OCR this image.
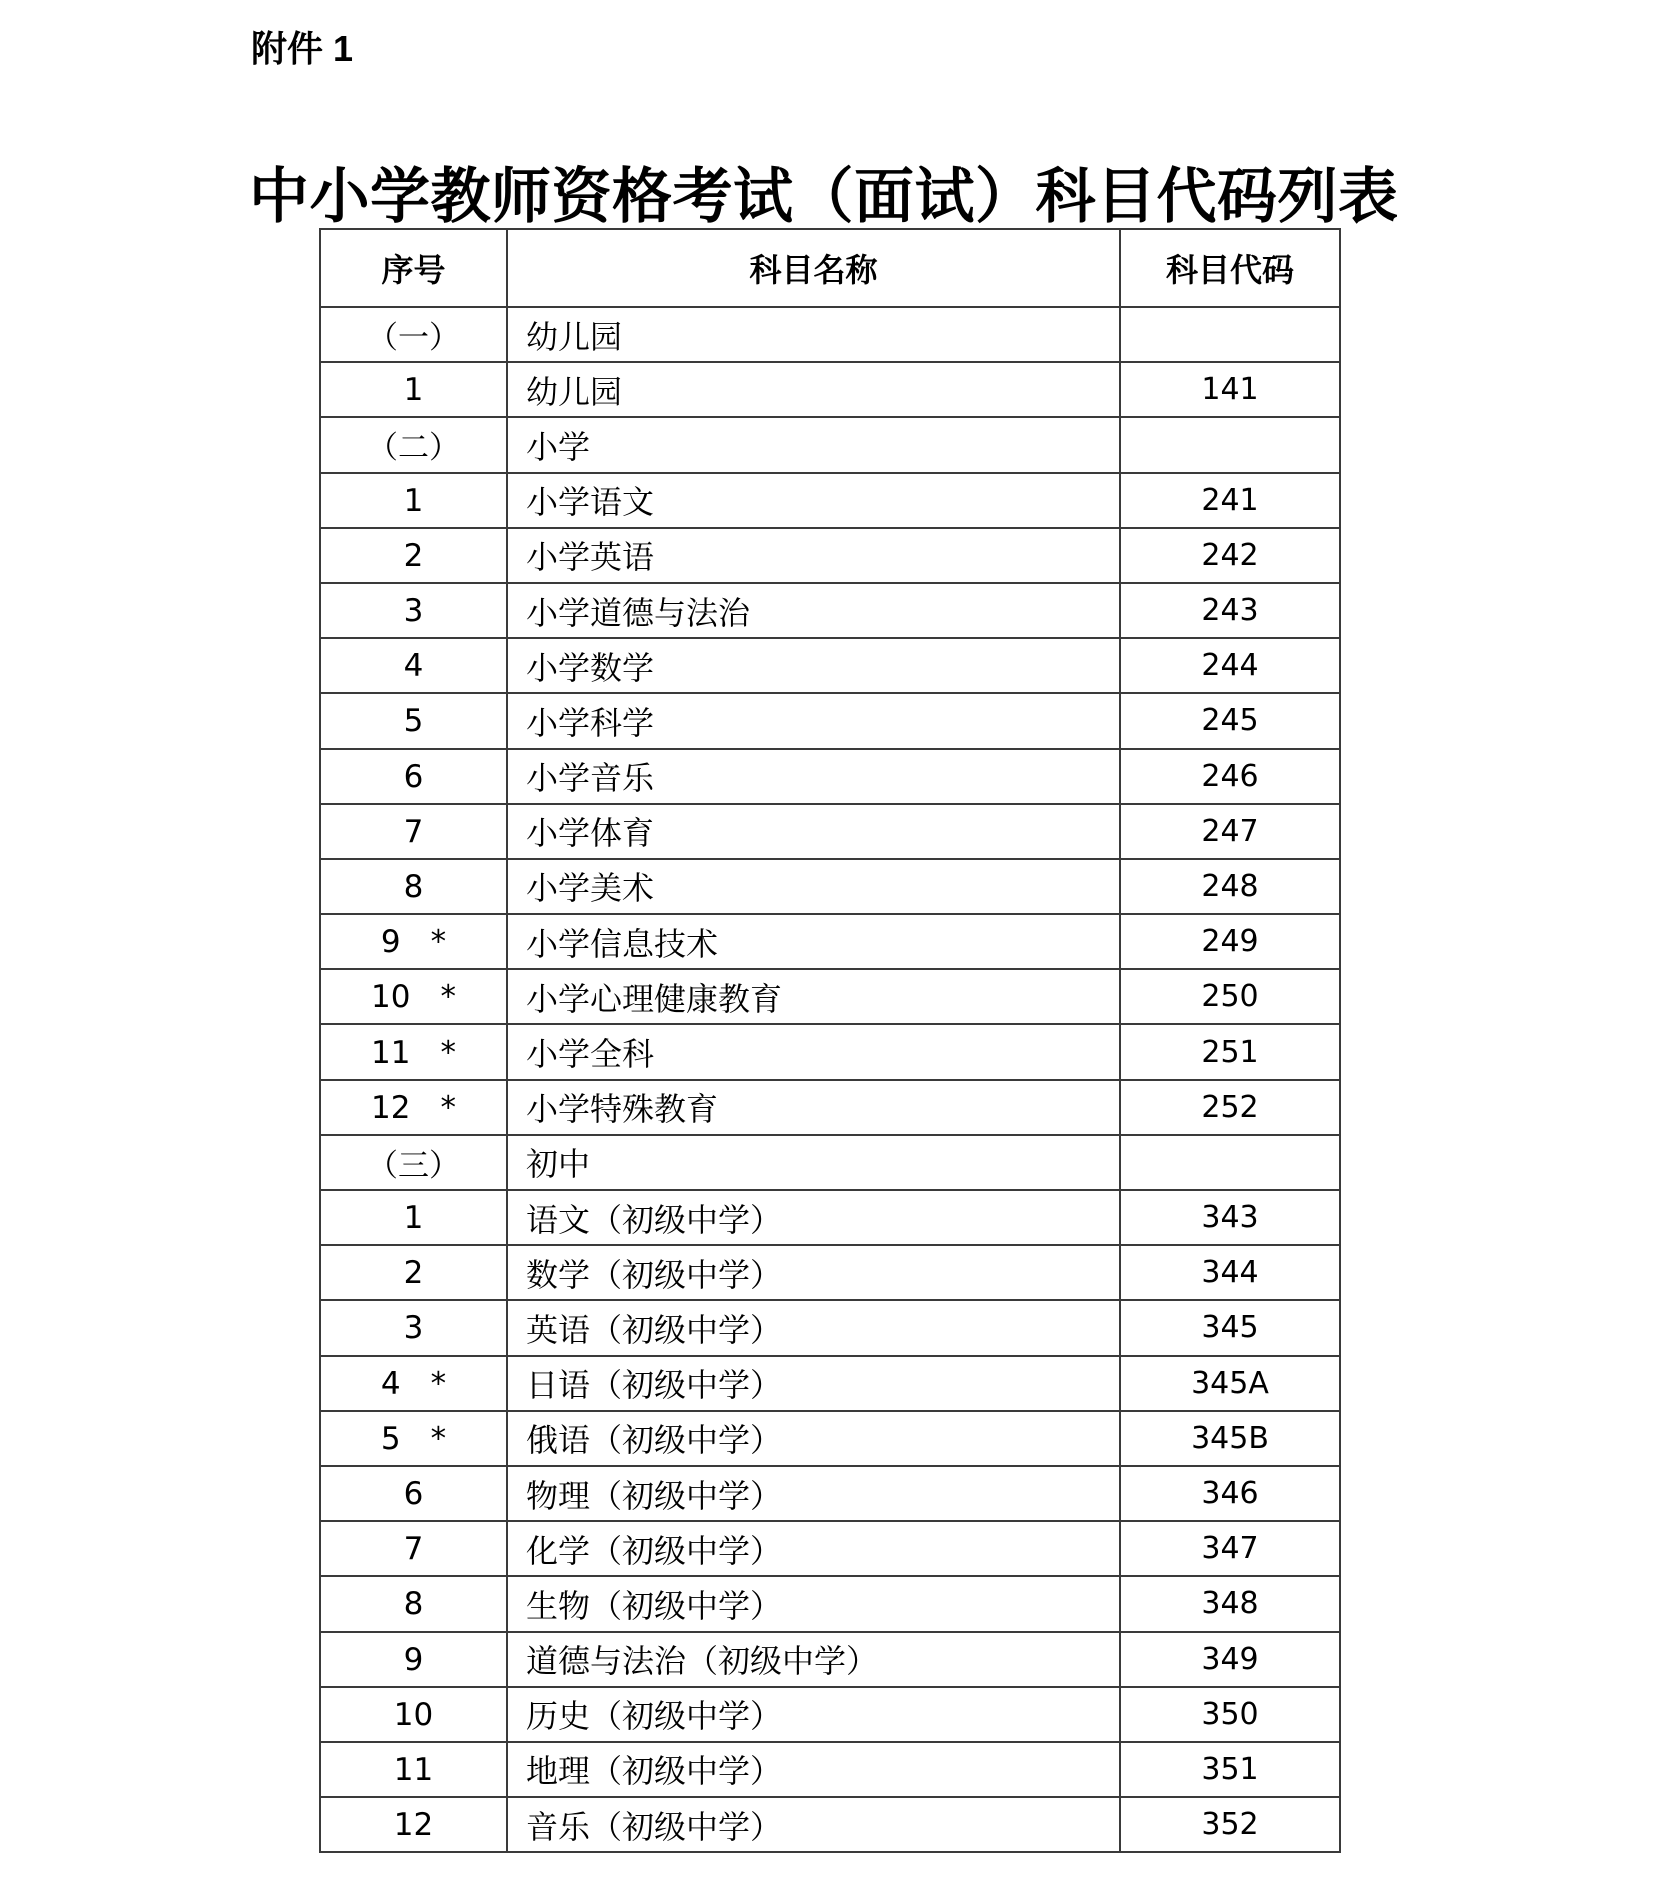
附件 1
中小学教师资格考试（面试）科目代码列表
序号	科目名称	科目代码
（一）	幼儿园	
1	幼儿园	141
（二）	小学	
1	小学语文	241
2	小学英语	242
3	小学道德与法治	243
4	小学数学	244
5	小学科学	245
6	小学音乐	246
7	小学体育	247
8	小学美术	248
9 *	小学信息技术	249
10 *	小学心理健康教育	250
11 *	小学全科	251
12 *	小学特殊教育	252
（三）	初中	
1	语文（初级中学）	343
2	数学（初级中学）	344
3	英语（初级中学）	345
4 *	日语（初级中学）	345A
5 *	俄语（初级中学）	345B
6	物理（初级中学）	346
7	化学（初级中学）	347
8	生物（初级中学）	348
9	道德与法治（初级中学）	349
10	历史（初级中学）	350
11	地理（初级中学）	351
12	音乐（初级中学）	352
